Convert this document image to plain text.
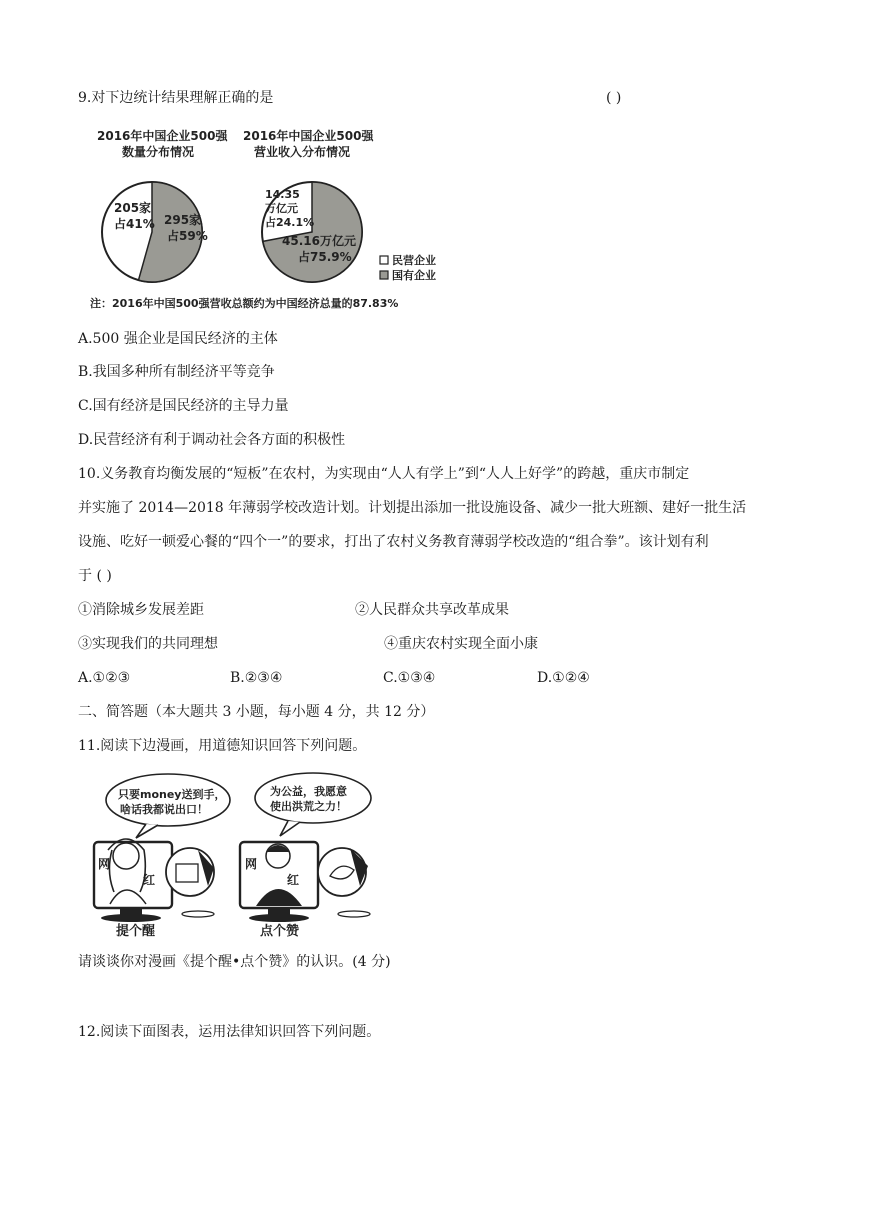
9.对下边统计结果理解正确的是	( )
2016年中国企业500强
数量分布情况
2016年中国企业500强
营业收入分布情况
205家
占41% 295家
占59%
14.35
万亿元
占24.1%
45.16万亿元
占75.9%	民营企业
国有企业
注：2016年中国500强营收总额约为中国经济总量的87.83%
A.500 强企业是国民经济的主体
B.我国多种所有制经济平等竞争
C.国有经济是国民经济的主导力量
D.民营经济有利于调动社会各方面的积极性
10.义务教育均衡发展的“短板”在农村，为实现由“人人有学上”到“人人上好学”的跨越，重庆市制定
并实施了 2014—2018 年薄弱学校改造计划。计划提出添加一批设施设备、减少一批大班额、建好一批生活
设施、吃好一顿爱心餐的“四个一”的要求，打出了农村义务教育薄弱学校改造的“组合拳”。该计划有利
于 ( )
①消除城乡发展差距	②人民群众共享改革成果
③实现我们的共同理想	④重庆农村实现全面小康
A.①②③	B.②③④	C.①③④	D.①②④
二、简答题（本大题共 3 小题，每小题 4 分，共 12 分）
11.阅读下边漫画，用道德知识回答下列问题。
只要money送到手，
啥话我都说出口！
为公益，我愿意
使出洪荒之力！
网
红
网
红
提个醒	点个赞
请谈谈你对漫画《提个醒•点个赞》的认识。(4 分)
12.阅读下面图表，运用法律知识回答下列问题。
